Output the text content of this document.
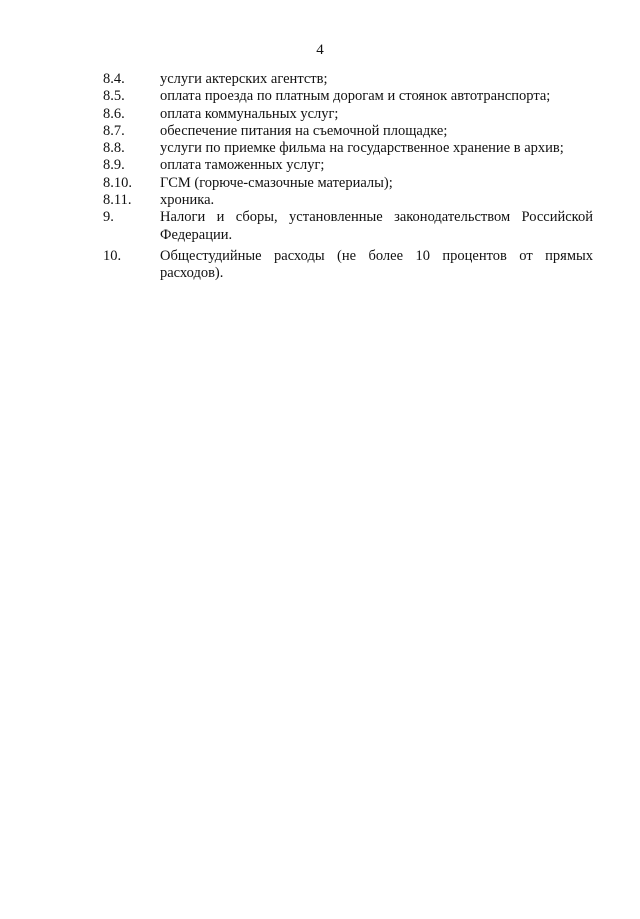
4
8.4.	услуги актерских агентств;
8.5.	оплата проезда по платным дорогам и стоянок автотранспорта;
8.6.	оплата коммунальных услуг;
8.7.	обеспечение питания на съемочной площадке;
8.8.	услуги по приемке фильма на государственное хранение в архив;
8.9.	оплата таможенных услуг;
8.10.	ГСМ (горюче-смазочные материалы);
8.11.	хроника.
9.	Налоги и сборы, установленные законодательством Российской Федерации.
10.	Общестудийные расходы (не более 10 процентов от прямых расходов).
